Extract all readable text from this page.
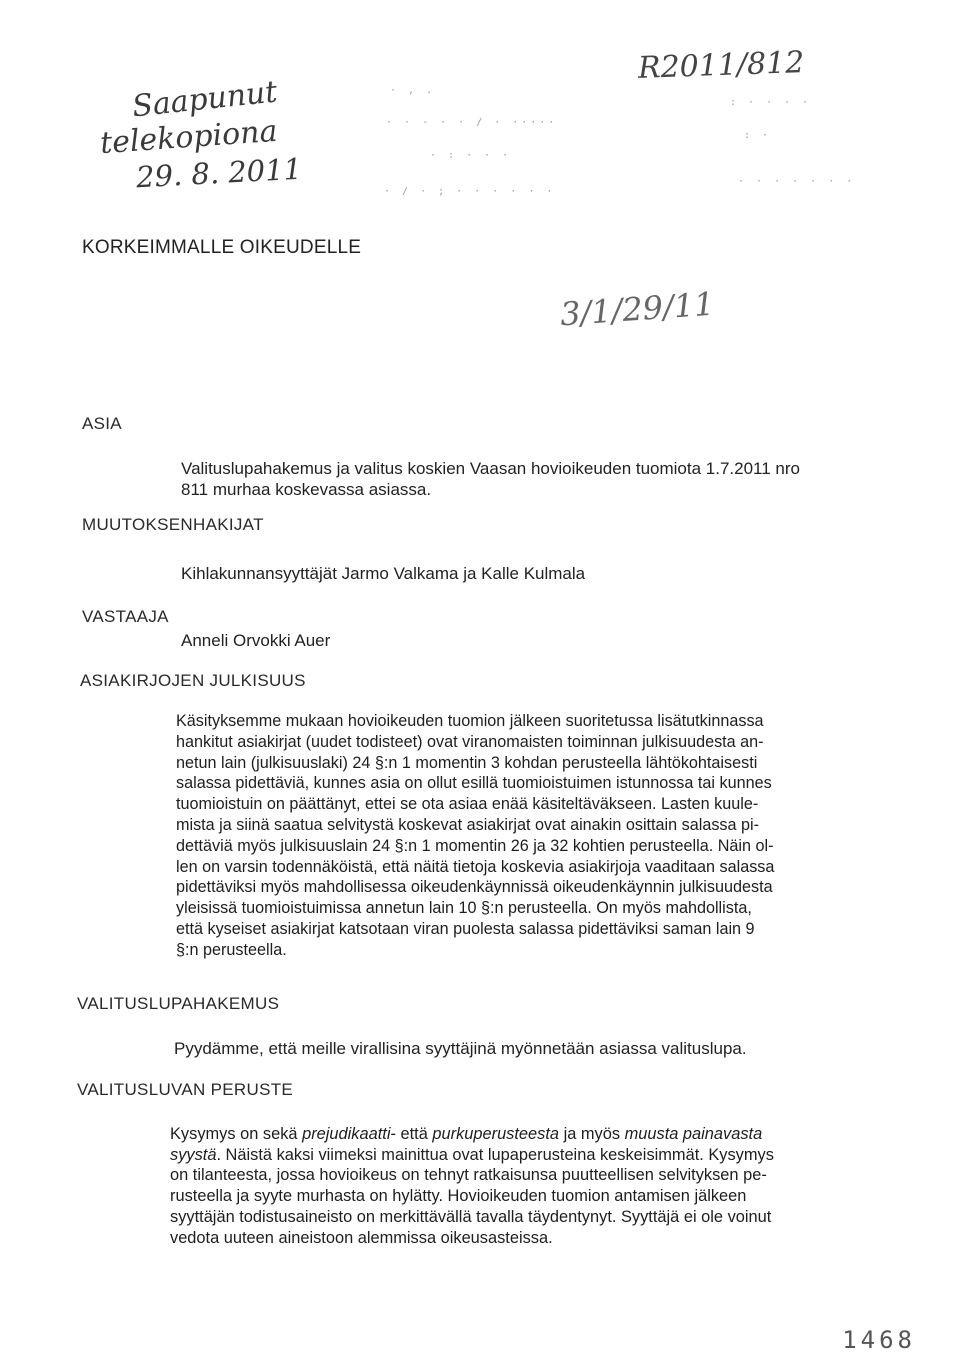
Saapunut
telekopiona
29. 8. 2011
· , .
· · - · · / · ·····
· : · · ·
· / · ; · · · · · ·
: · · · ·
: ·
· · · · · · ·
R2011/812
3/1/29/11
KORKEIMMALLE OIKEUDELLE
ASIA
Valituslupahakemus ja valitus koskien Vaasan hovioikeuden tuomiota 1.7.2011 nro
811 murhaa koskevassa asiassa.
MUUTOKSENHAKIJAT
Kihlakunnansyyttäjät Jarmo Valkama ja Kalle Kulmala
VASTAAJA
Anneli Orvokki Auer
ASIAKIRJOJEN JULKISUUS
Käsityksemme mukaan hovioikeuden tuomion jälkeen suoritetussa lisätutkinnassa
hankitut asiakirjat (uudet todisteet) ovat viranomaisten toiminnan julkisuudesta an-
netun lain (julkisuuslaki) 24 §:n 1 momentin 3 kohdan perusteella lähtökohtaisesti
salassa pidettäviä, kunnes asia on ollut esillä tuomioistuimen istunnossa tai kunnes
tuomioistuin on päättänyt, ettei se ota asiaa enää käsiteltäväkseen. Lasten kuule-
mista ja siinä saatua selvitystä koskevat asiakirjat ovat ainakin osittain salassa pi-
dettäviä myös julkisuuslain 24 §:n 1 momentin 26 ja 32 kohtien perusteella. Näin ol-
len on varsin todennäköistä, että näitä tietoja koskevia asiakirjoja vaaditaan salassa
pidettäviksi myös mahdollisessa oikeudenkäynnissä oikeudenkäynnin julkisuudesta
yleisissä tuomioistuimissa annetun lain 10 §:n perusteella. On myös mahdollista,
että kyseiset asiakirjat katsotaan viran puolesta salassa pidettäviksi saman lain 9
§:n perusteella.
VALITUSLUPAHAKEMUS
Pyydämme, että meille virallisina syyttäjinä myönnetään asiassa valituslupa.
VALITUSLUVAN PERUSTE
Kysymys on sekä prejudikaatti- että purkuperusteesta ja myös muusta painavasta
syystä. Näistä kaksi viimeksi mainittua ovat lupaperusteina keskeisimmät. Kysymys
on tilanteesta, jossa hovioikeus on tehnyt ratkaisunsa puutteellisen selvityksen pe-
rusteella ja syyte murhasta on hylätty. Hovioikeuden tuomion antamisen jälkeen
syyttäjän todistusaineisto on merkittävällä tavalla täydentynyt. Syyttäjä ei ole voinut
vedota uuteen aineistoon alemmissa oikeusasteissa.
1468
